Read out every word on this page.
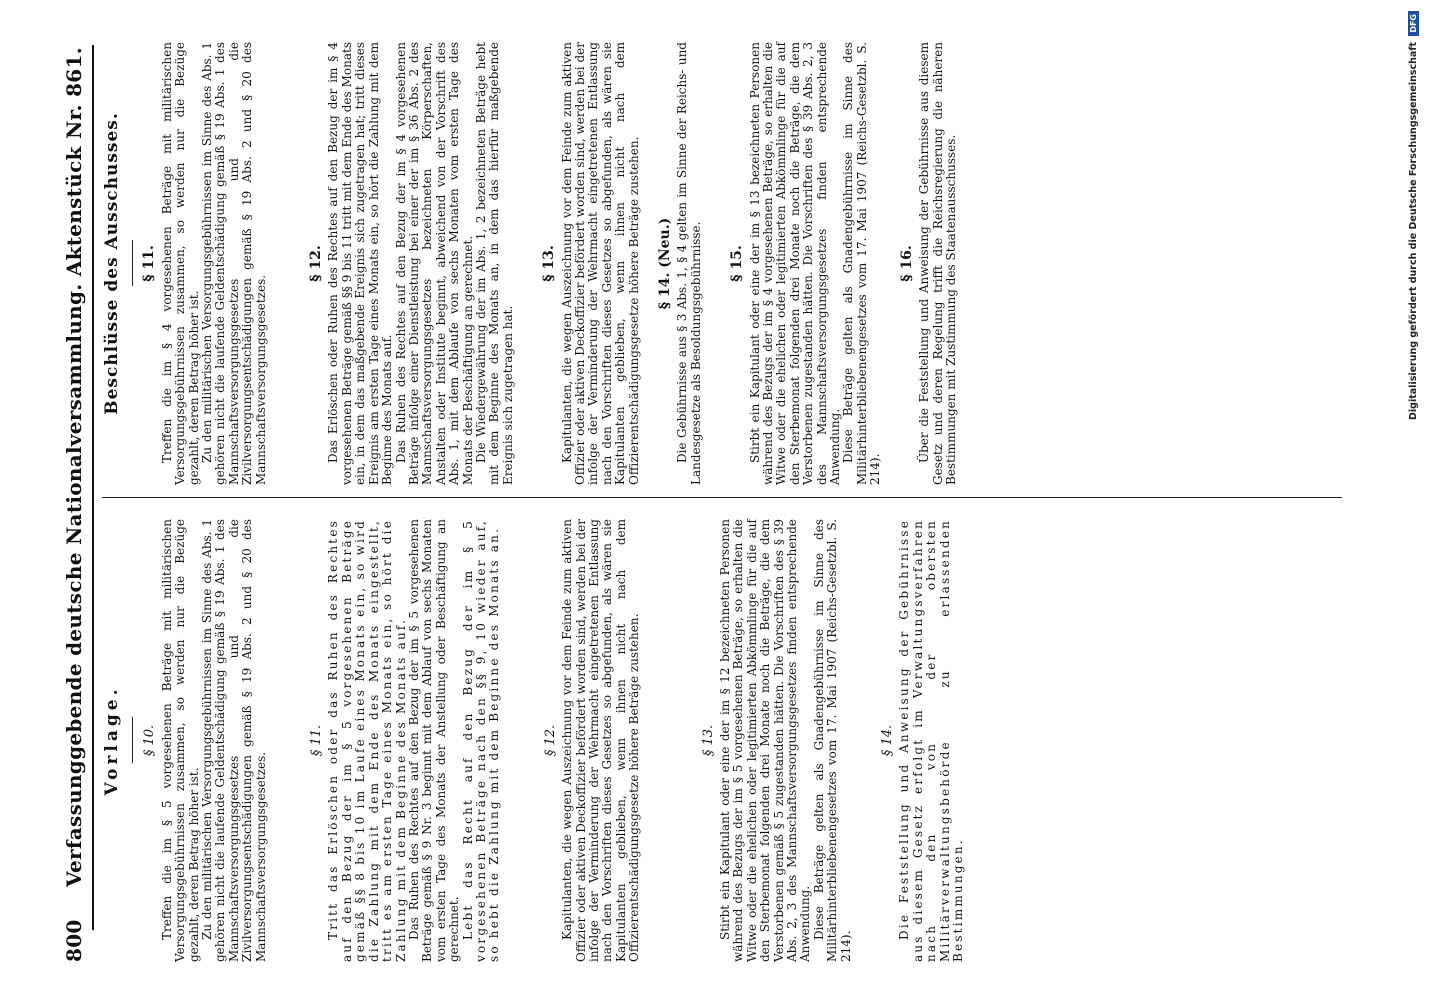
800
Verfassunggebende deutsche Nationalversammlung.
Aktenstück Nr. 861.
Vorlage. § 10. Treffen die im § 5 vorgesehenen Beträge mit militärischen Versorgungsgebührnissen zusammen, so werden nur die Bezüge gezahlt, deren Betrag höher ist. Zu den militärischen Versorgungsgebührnissen im Sinne des Abs. 1 gehören nicht die laufende Geldentschädigung gemäß § 19 Abs. 1 des Mannschaftsversorgungsgesetzes und die Zivilversorgungsentschädigungen gemäß § 19 Abs. 2 und § 20 des Mannschaftsversorgungsgesetzes.

§ 11. Tritt das Erlöschen oder das Ruhen des Rechtes auf den Bezug der im § 5 vorgesehenen Beträge gemäß §§ 8 bis 10 im Laufe eines Monats ein, so wird die Zahlung mit dem Ende des Monats eingestellt, tritt es am ersten Tage eines Monats ein, so hört die Zahlung mit dem Beginne des Monats auf. Das Ruhen des Rechtes auf den Bezug der im § 5 vorgesehenen Beträge gemäß § 9 Nr. 3 beginnt mit dem Ablauf von sechs Monaten vom ersten Tage des Monats der Anstellung oder Beschäftigung an gerechnet. Lebt das Recht auf den Bezug der im § 5 vorgesehenen Beträge nach den §§ 9, 10 wieder auf, so hebt die Zahlung mit dem Beginne des Monats an.	§ 12. Kapitulanten, die wegen Auszeichnung vor dem Feinde zum aktiven Offizier oder aktiven Deckoffizier befördert worden sind, werden bei der infolge der Verminderung der Wehrmacht eingetretenen Entlassung nach den Vorschriften dieses Gesetzes so abgefunden, als wären sie Kapitulanten geblieben, wenn ihnen nicht nach dem Offizierentschädigungsgesetze höhere Beträge zustehen.	§ 13. Stirbt ein Kapitulant oder eine der im § 12 bezeichneten Personen während des Bezugs der im § 5 vorgesehenen Beträge, so erhalten die Witwe oder die ehelichen oder legitimierten Abkömmlinge für die auf den Sterbemonat folgenden drei Monate noch die Beträge, die dem Verstorbenen gemäß § 5 zugestanden hätten. Die Vorschriften des § 39 Abs. 2, 3 des Mannschaftsversorgungsgesetzes finden entsprechende Anwendung. Diese Beträge gelten als Gnadengebührnisse im Sinne des Militärhinterbliebenengesetzes vom 17. Mai 1907 (Reichs-Gesetzbl. S. 214).

§ 14. Die Feststellung und Anweisung der Gebührnisse aus diesem Gesetz erfolgt im Verwaltungsverfahren nach den von der obersten Militärverwaltungsbehörde zu erlassenden Bestimmungen.

Beschlüsse des Ausschusses. § 11. Treffen die im § 4 vorgesehenen Beträge mit militärischen Versorgungsgebührnissen zusammen, so werden nur die Bezüge gezahlt, deren Betrag höher ist. Zu den militärischen Versorgungsgebührnissen im Sinne des Abs. 1 gehören nicht die laufende Geldentschädigung gemäß § 19 Abs. 1 des Mannschaftsversorgungsgesetzes und die Zivilversorgungsentschädigungen gemäß § 19 Abs. 2 und § 20 des Mannschaftsversorgungsgesetzes.

§ 12. Das Erlöschen oder Ruhen des Rechtes auf den Bezug der im § 4 vorgesehenen Beträge gemäß §§ 9 bis 11 tritt mit dem Ende des Monats ein, in dem das maßgebende Ereignis sich zugetragen hat; tritt dieses Ereignis am ersten Tage eines Monats ein, so hört die Zahlung mit dem Beginne des Monats auf. Das Ruhen des Rechtes auf den Bezug der im § 4 vorgesehenen Beträge infolge einer Dienstleistung bei einer der im § 36 Abs. 2 des Mannschaftsversorgungsgesetzes bezeichneten Körperschaften, Anstalten oder Institute beginnt, abweichend von der Vorschrift des Abs. 1, mit dem Ablaufe von sechs Monaten vom ersten Tage des Monats der Beschäftigung an gerechnet. Die Wiedergewährung der im Abs. 1, 2 bezeichneten Beträge hebt mit dem Beginne des Monats an, in dem das hierfür maßgebende Ereignis sich zugetragen hat.

§ 13. Kapitulanten, die wegen Auszeichnung vor dem Feinde zum aktiven Offizier oder aktiven Deckoffizier befördert worden sind, werden bei der infolge der Verminderung der Wehrmacht eingetretenen Entlassung nach den Vorschriften dieses Gesetzes so abgefunden, als wären sie Kapitulanten geblieben, wenn ihnen nicht nach dem Offizierentschädigungsgesetze höhere Beträge zustehen. § 14. (Neu.) Die Gebührnisse aus § 3 Abs. 1, § 4 gelten im Sinne der Reichs- und Landesgesetze als Besoldungsgebührnisse. § 15. Stirbt ein Kapitulant oder eine der im § 13 bezeichneten Personen während des Bezugs der im § 4 vorgesehenen Beträge, so erhalten die Witwe oder die ehelichen oder legitimierten Abkömmlinge für die auf den Sterbemonat folgenden drei Monate noch die Beträge, die dem Verstorbenen zugestanden hätten. Die Vorschriften des § 39 Abs. 2, 3 des Mannschaftsversorgungsgesetzes finden entsprechende Anwendung. Diese Beträge gelten als Gnadengebührnisse im Sinne des Militärhinterbliebenengesetzes vom 17. Mai 1907 (Reichs-Gesetzbl. S. 214).

§ 16. Über die Feststellung und Anweisung der Gebührnisse aus diesem Gesetz und deren Regelung trifft die Reichsregierung die näheren Bestimmungen mit Zustimmung des Staatenausschusses.	Digitalisierung gefördert durch die Deutsche Forschungsgemeinschaft DFG
